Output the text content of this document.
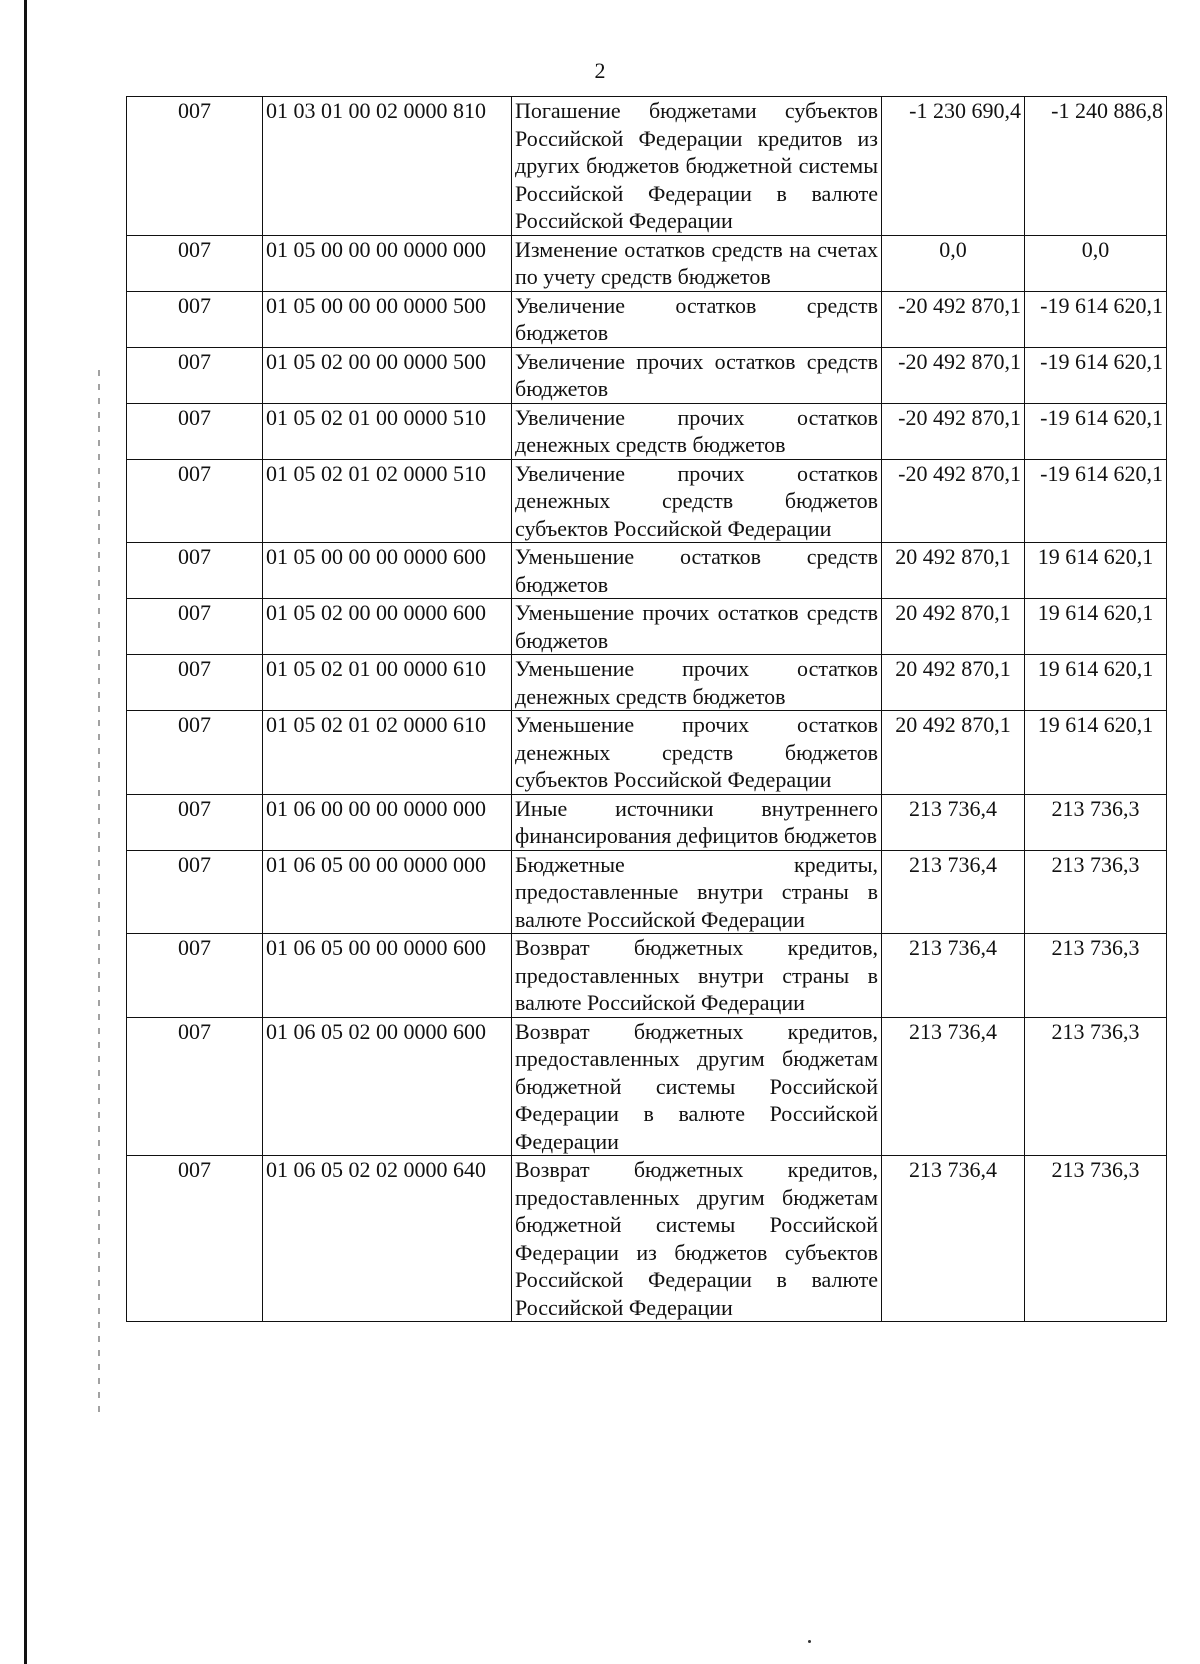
2
007	01 03 01 00 02 0000 810	Погашение бюджетами субъектов Российской Федерации кредитов из других бюджетов бюджетной системы Российской Федерации в валюте Российской Федерации	-1 230 690,4	-1 240 886,8
007	01 05 00 00 00 0000 000	Изменение остатков средств на счетах по учету средств бюджетов	0,0	0,0
007	01 05 00 00 00 0000 500	Увеличение остатков средств бюджетов	-20 492 870,1	-19 614 620,1
007	01 05 02 00 00 0000 500	Увеличение прочих остатков средств бюджетов	-20 492 870,1	-19 614 620,1
007	01 05 02 01 00 0000 510	Увеличение прочих остатков денежных средств бюджетов	-20 492 870,1	-19 614 620,1
007	01 05 02 01 02 0000 510	Увеличение прочих остатков денежных средств бюджетов субъектов Российской Федерации	-20 492 870,1	-19 614 620,1
007	01 05 00 00 00 0000 600	Уменьшение остатков средств бюджетов	20 492 870,1	19 614 620,1
007	01 05 02 00 00 0000 600	Уменьшение прочих остатков средств бюджетов	20 492 870,1	19 614 620,1
007	01 05 02 01 00 0000 610	Уменьшение прочих остатков денежных средств бюджетов	20 492 870,1	19 614 620,1
007	01 05 02 01 02 0000 610	Уменьшение прочих остатков денежных средств бюджетов субъектов Российской Федерации	20 492 870,1	19 614 620,1
007	01 06 00 00 00 0000 000	Иные источники внутреннего финансирования дефицитов бюджетов	213 736,4	213 736,3
007	01 06 05 00 00 0000 000	Бюджетные кредиты, предоставленные внутри страны в валюте Российской Федерации	213 736,4	213 736,3
007	01 06 05 00 00 0000 600	Возврат бюджетных кредитов, предоставленных внутри страны в валюте Российской Федерации	213 736,4	213 736,3
007	01 06 05 02 00 0000 600	Возврат бюджетных кредитов, предоставленных другим бюджетам бюджетной системы Российской Федерации в валюте Российской Федерации	213 736,4	213 736,3
007	01 06 05 02 02 0000 640	Возврат бюджетных кредитов, предоставленных другим бюджетам бюджетной системы Российской Федерации из бюджетов субъектов Российской Федерации в валюте Российской Федерации	213 736,4	213 736,3
